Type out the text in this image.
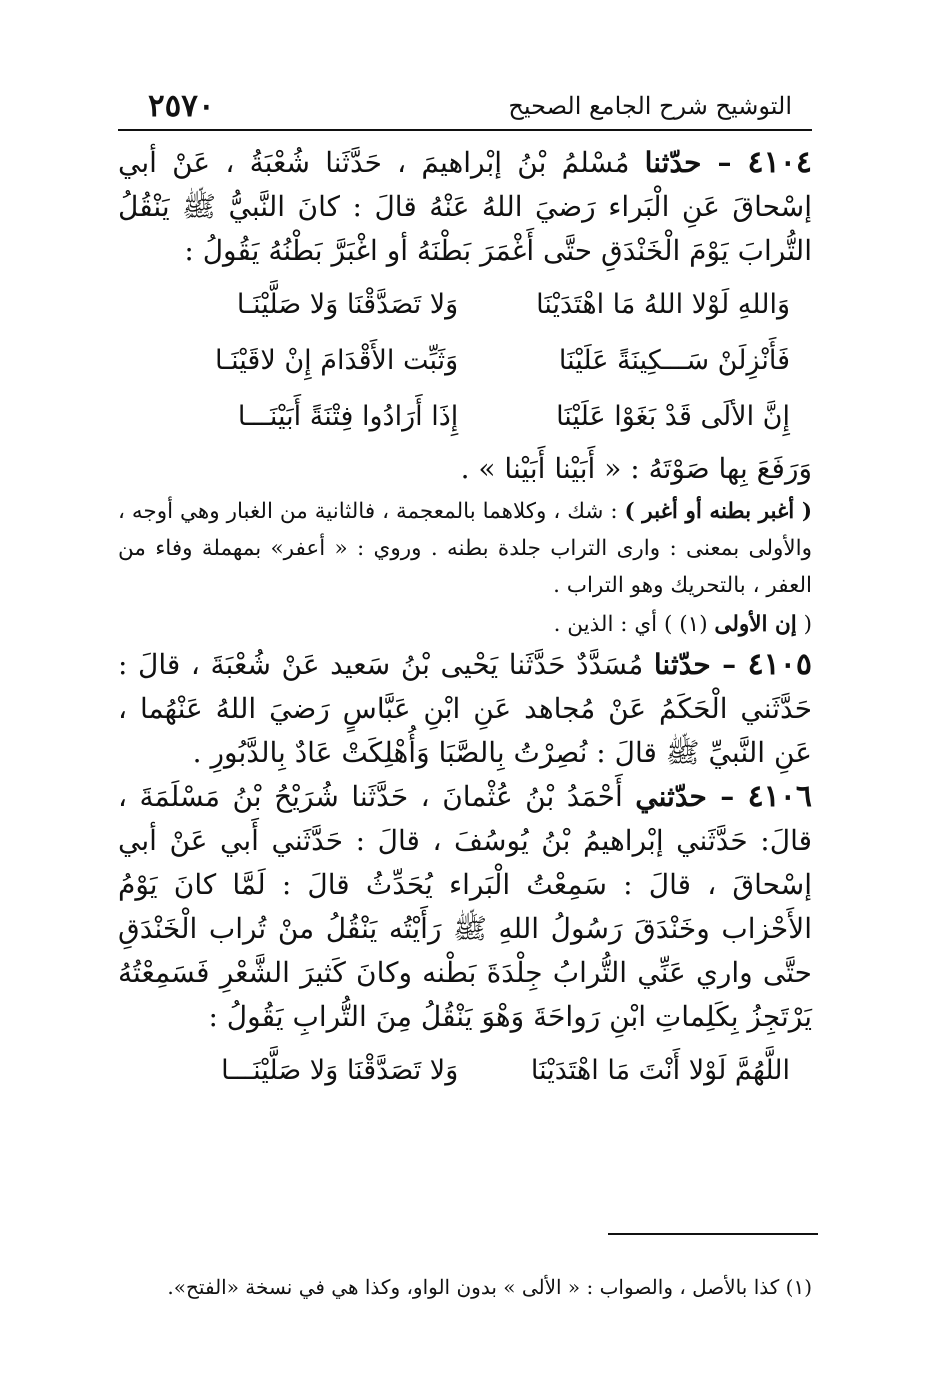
٢٥٧٠	التوشيح شرح الجامع الصحيح

٤١٠٤ – حدّثنا مُسْلمُ بْنُ إبْراهيمَ ، حَدَّثَنا شُعْبَةُ ، عَنْ أبي إسْحاقَ عَنِ الْبَراء رَضيَ اللهُ عَنْهُ قالَ : كانَ النَّبيُّ ﷺ يَنْقُلُ التُّرابَ يَوْمَ الْخَنْدَقِ حتَّى أَغْمَرَ بَطْنَهُ أو اغْبَرَّ بَطْنُهُ يَقُولُ :

وَاللهِ لَوْلا اللهُ مَا اهْتَدَيْنَا
وَلا تَصَدَّقْنَا وَلا صَلَّيْنَـا
فَأَنْزِلَنْ سَـــكِينَةً عَلَيْنَا
وَثَبِّت الأَقْدَامَ إِنْ لاقَيْنَـا
إِنَّ الألَى قَدْ بَغَوْا عَلَيْنَا
إِذَا أَرَادُوا فِتْنَةً أَبَيْنَـــا

وَرَفَعَ بِها صَوْتَهُ : « أَبَيْنا أَبَيْنا » .

( أغبر بطنه أو أغبر ) : شك ، وكلاهما بالمعجمة ، فالثانية من الغبار وهي أوجه ، والأولى بمعنى : وارى التراب جلدة بطنه . وروي : « أعفر» بمهملة وفاء من العفر ، بالتحريك وهو التراب .

( إن الأولى (١) ) أي : الذين .

٤١٠٥ – حدّثنا مُسَدَّدٌ حَدَّثَنا يَحْيى بْنُ سَعيد عَنْ شُعْبَةَ ، قالَ : حَدَّثَني الْحَكَمُ عَنْ مُجاهد عَنِ ابْنِ عَبَّاسٍ رَضيَ اللهُ عَنْهُما ، عَنِ النَّبيِّ ﷺ قالَ : نُصِرْتُ بِالصَّبَا وَأُهْلِكَتْ عَادٌ بِالدَّبُورِ .

٤١٠٦ – حدّثني أَحْمَدُ بْنُ عُثْمانَ ، حَدَّثَنا شُرَيْحُ بْنُ مَسْلَمَةَ ، قالَ: حَدَّثَني إبْراهيمُ بْنُ يُوسُفَ ، قالَ : حَدَّثَني أَبي عَنْ أبي إسْحاقَ ، قالَ : سَمِعْتُ الْبَراء يُحَدِّثُ قالَ : لَمَّا كانَ يَوْمُ الأَحْزاب وخَنْدَقَ رَسُولُ اللهِ ﷺ رَأَيْتُه يَنْقُلُ منْ تُراب الْخَنْدَقِ حتَّى واري عَنِّي التُّرابُ جِلْدَةَ بَطْنه وكانَ كَثيرَ الشَّعْرِ فَسَمِعْتُهُ يَرْتَجِزُ بِكَلِماتِ ابْنِ رَواحَةَ وَهْوَ يَنْقُلُ مِنَ التُّرابِ يَقُولُ :

اللَّهُمَّ لَوْلا أَنْتَ مَا اهْتَدَيْنَا
وَلا تَصَدَّقْنَا وَلا صَلَّيْنَـــا

(١) كذا بالأصل ، والصواب : « الألى » بدون الواو، وكذا هي في نسخة «الفتح».
